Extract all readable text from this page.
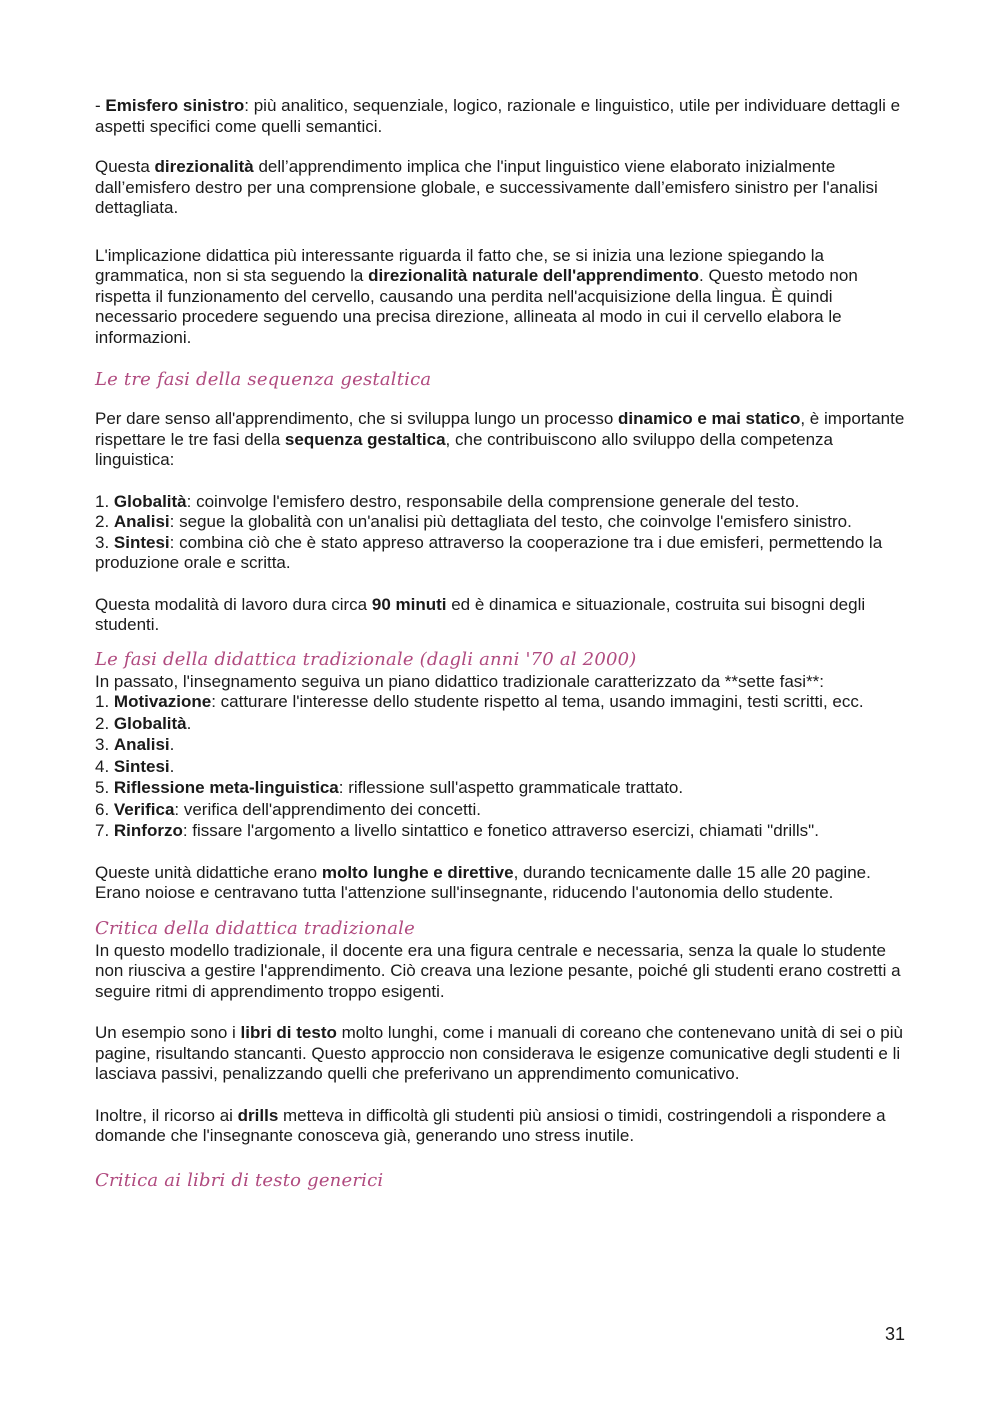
- Emisfero sinistro: più analitico, sequenziale, logico, razionale e linguistico, utile per individuare dettagli e aspetti specifici come quelli semantici.

Questa direzionalità dell’apprendimento implica che l'input linguistico viene elaborato inizialmente dall’emisfero destro per una comprensione globale, e successivamente dall’emisfero sinistro per l'analisi dettagliata.

L'implicazione didattica più interessante riguarda il fatto che, se si inizia una lezione spiegando la grammatica, non si sta seguendo la direzionalità naturale dell'apprendimento. Questo metodo non rispetta il funzionamento del cervello, causando una perdita nell'acquisizione della lingua. È quindi necessario procedere seguendo una precisa direzione, allineata al modo in cui il cervello elabora le informazioni.

Le tre fasi della sequenza gestaltica

Per dare senso all'apprendimento, che si sviluppa lungo un processo dinamico e mai statico, è importante rispettare le tre fasi della sequenza gestaltica, che contribuiscono allo sviluppo della competenza linguistica:

1. Globalità: coinvolge l'emisfero destro, responsabile della comprensione generale del testo.

2. Analisi: segue la globalità con un'analisi più dettagliata del testo, che coinvolge l'emisfero sinistro.

3. Sintesi: combina ciò che è stato appreso attraverso la cooperazione tra i due emisferi, permettendo la produzione orale e scritta.

Questa modalità di lavoro dura circa 90 minuti ed è dinamica e situazionale, costruita sui bisogni degli studenti.

Le fasi della didattica tradizionale (dagli anni '70 al 2000)

In passato, l'insegnamento seguiva un piano didattico tradizionale caratterizzato da **sette fasi**:

1. Motivazione: catturare l'interesse dello studente rispetto al tema, usando immagini, testi scritti, ecc.

2. Globalità.

3. Analisi.

4. Sintesi.

5. Riflessione meta-linguistica: riflessione sull'aspetto grammaticale trattato.

6. Verifica: verifica dell'apprendimento dei concetti.

7. Rinforzo: fissare l'argomento a livello sintattico e fonetico attraverso esercizi, chiamati "drills".

Queste unità didattiche erano molto lunghe e direttive, durando tecnicamente dalle 15 alle 20 pagine. Erano noiose e centravano tutta l'attenzione sull'insegnante, riducendo l'autonomia dello studente.

Critica della didattica tradizionale

In questo modello tradizionale, il docente era una figura centrale e necessaria, senza la quale lo studente non riusciva a gestire l'apprendimento. Ciò creava una lezione pesante, poiché gli studenti erano costretti a seguire ritmi di apprendimento troppo esigenti.

Un esempio sono i libri di testo molto lunghi, come i manuali di coreano che contenevano unità di sei o più pagine, risultando stancanti. Questo approccio non considerava le esigenze comunicative degli studenti e li lasciava passivi, penalizzando quelli che preferivano un apprendimento comunicativo.

Inoltre, il ricorso ai drills metteva in difficoltà gli studenti più ansiosi o timidi, costringendoli a rispondere a domande che l'insegnante conosceva già, generando uno stress inutile.

Critica ai libri di testo generici
31
